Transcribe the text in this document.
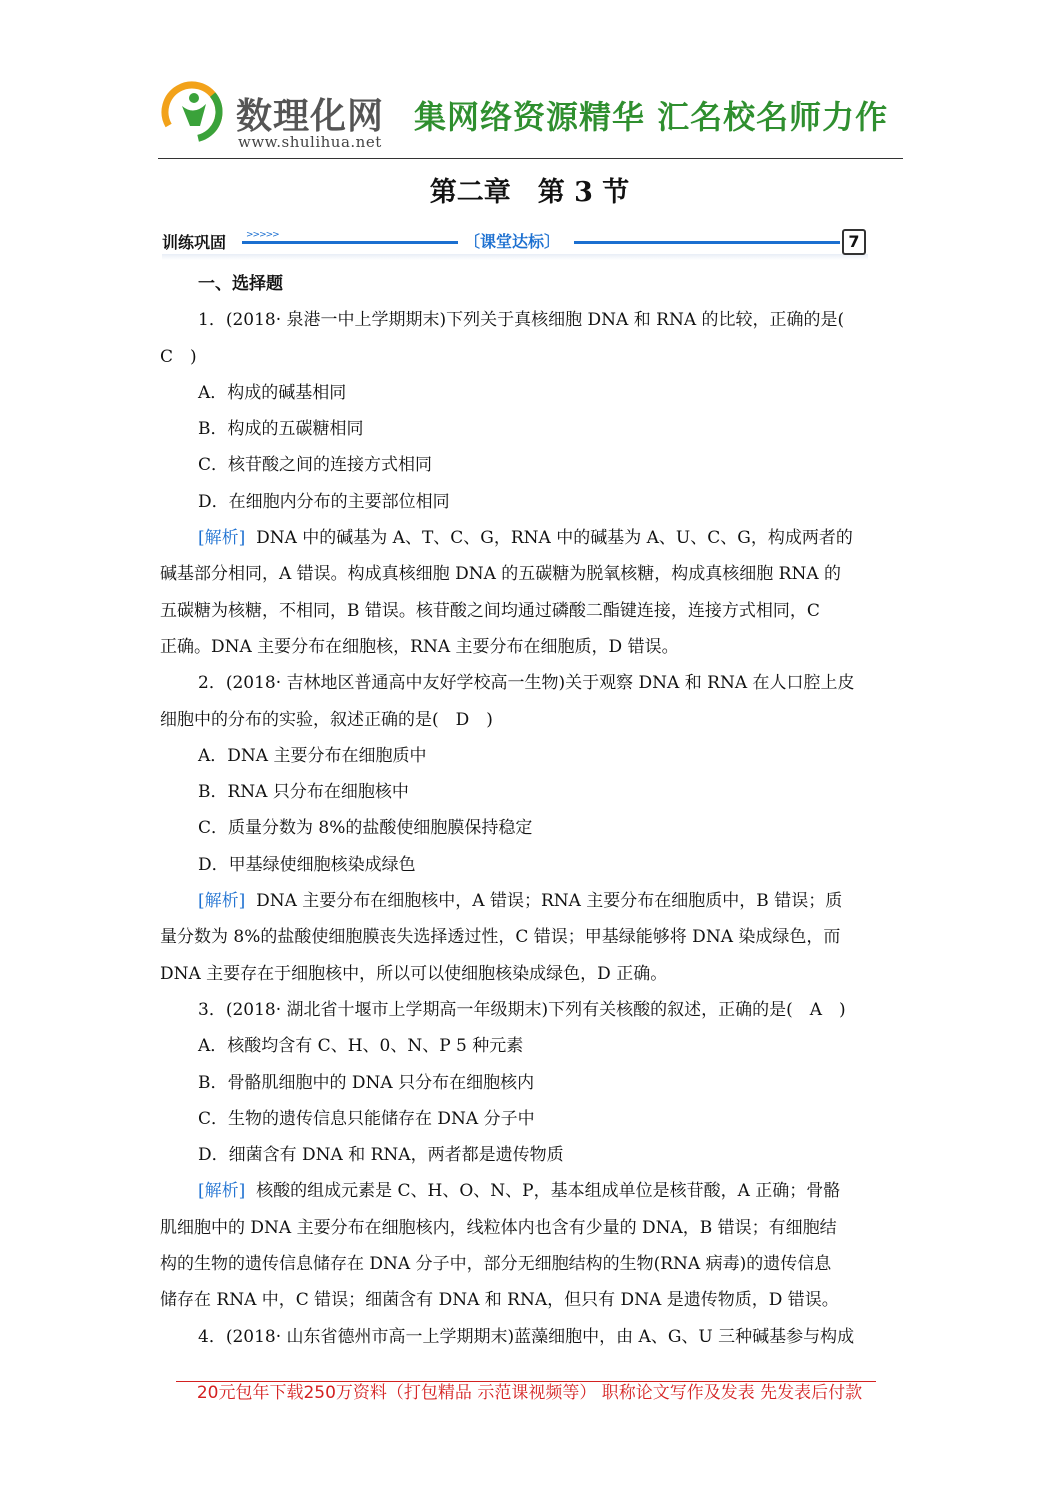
数理化网
www.shulihua.net
集网络资源精华 汇名校名师力作
第二章　第 3 节
训练巩固 >>>>>	〔课堂达标〕	7
一、选择题
1．(2018· 泉港一中上学期期末)下列关于真核细胞 DNA 和 RNA 的比较，正确的是(
C　)
A．构成的碱基相同
B．构成的五碳糖相同
C．核苷酸之间的连接方式相同
D．在细胞内分布的主要部位相同
[解析] DNA 中的碱基为 A、T、C、G，RNA 中的碱基为 A、U、C、G，构成两者的
碱基部分相同，A 错误。构成真核细胞 DNA 的五碳糖为脱氧核糖，构成真核细胞 RNA 的
五碳糖为核糖，不相同，B 错误。核苷酸之间均通过磷酸二酯键连接，连接方式相同，C
正确。DNA 主要分布在细胞核，RNA 主要分布在细胞质，D 错误。
2．(2018· 吉林地区普通高中友好学校高一生物)关于观察 DNA 和 RNA 在人口腔上皮
细胞中的分布的实验，叙述正确的是(　D　)
A．DNA 主要分布在细胞质中
B．RNA 只分布在细胞核中
C．质量分数为 8%的盐酸使细胞膜保持稳定
D．甲基绿使细胞核染成绿色
[解析] DNA 主要分布在细胞核中，A 错误；RNA 主要分布在细胞质中，B 错误；质
量分数为 8%的盐酸使细胞膜丧失选择透过性，C 错误；甲基绿能够将 DNA 染成绿色，而
DNA 主要存在于细胞核中，所以可以使细胞核染成绿色，D 正确。
3．(2018· 湖北省十堰市上学期高一年级期末)下列有关核酸的叙述，正确的是(　A　)
A．核酸均含有 C、H、0、N、P 5 种元素
B．骨骼肌细胞中的 DNA 只分布在细胞核内
C．生物的遗传信息只能储存在 DNA 分子中
D．细菌含有 DNA 和 RNA，两者都是遗传物质
[解析] 核酸的组成元素是 C、H、O、N、P，基本组成单位是核苷酸，A 正确；骨骼
肌细胞中的 DNA 主要分布在细胞核内，线粒体内也含有少量的 DNA，B 错误；有细胞结
构的生物的遗传信息储存在 DNA 分子中，部分无细胞结构的生物(RNA 病毒)的遗传信息
储存在 RNA 中，C 错误；细菌含有 DNA 和 RNA，但只有 DNA 是遗传物质，D 错误。
4．(2018· 山东省德州市高一上学期期末)蓝藻细胞中，由 A、G、U 三种碱基参与构成
20元包年下载250万资料（打包精品 示范课视频等） 职称论文写作及发表 先发表后付款
